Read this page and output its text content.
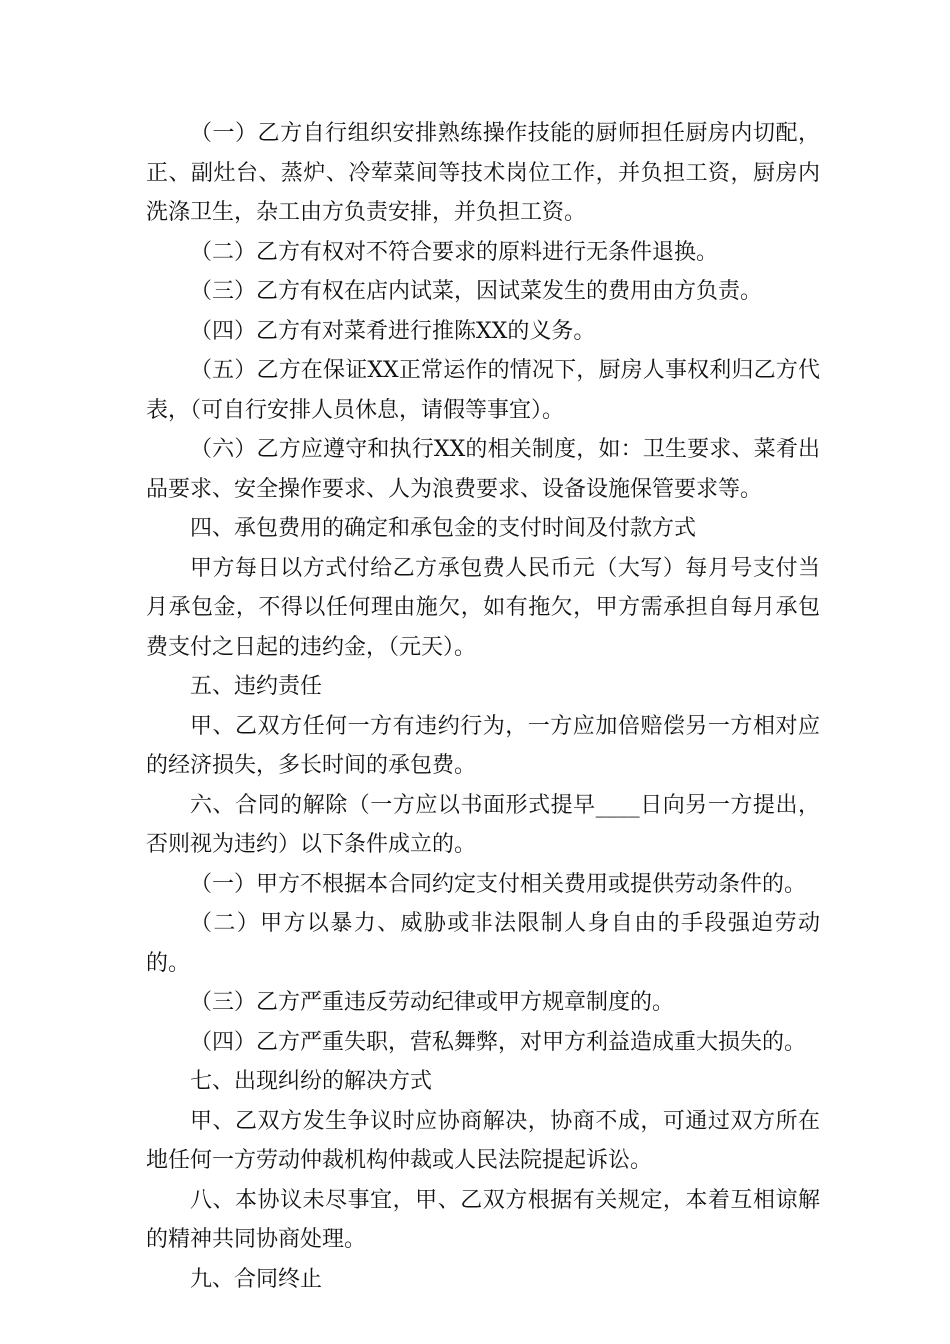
（一）乙方自行组织安排熟练操作技能的厨师担任厨房内切配，正、副灶台、蒸炉、冷荤菜间等技术岗位工作，并负担工资，厨房内洗涤卫生，杂工由方负责安排，并负担工资。

（二）乙方有权对不符合要求的原料进行无条件退换。

（三）乙方有权在店内试菜，因试菜发生的费用由方负责。

（四）乙方有对菜肴进行推陈XX的义务。

（五）乙方在保证XX正常运作的情况下，厨房人事权利归乙方代表，（可自行安排人员休息，请假等事宜）。

（六）乙方应遵守和执行XX的相关制度，如：卫生要求、菜肴出品要求、安全操作要求、人为浪费要求、设备设施保管要求等。

四、承包费用的确定和承包金的支付时间及付款方式

甲方每日以方式付给乙方承包费人民币元（大写）每月号支付当月承包金，不得以任何理由施欠，如有拖欠，甲方需承担自每月承包费支付之日起的违约金，（元天）。

五、违约责任

甲、乙双方任何一方有违约行为，一方应加倍赔偿另一方相对应的经济损失，多长时间的承包费。

六、合同的解除（一方应以书面形式提早____日向另一方提出，否则视为违约）以下条件成立的。

（一）甲方不根据本合同约定支付相关费用或提供劳动条件的。

（二）甲方以暴力、威胁或非法限制人身自由的手段强迫劳动的。

（三）乙方严重违反劳动纪律或甲方规章制度的。

（四）乙方严重失职，营私舞弊，对甲方利益造成重大损失的。

七、出现纠纷的解决方式

甲、乙双方发生争议时应协商解决，协商不成，可通过双方所在地任何一方劳动仲裁机构仲裁或人民法院提起诉讼。

八、本协议未尽事宜，甲、乙双方根据有关规定，本着互相谅解的精神共同协商处理。

九、合同终止
